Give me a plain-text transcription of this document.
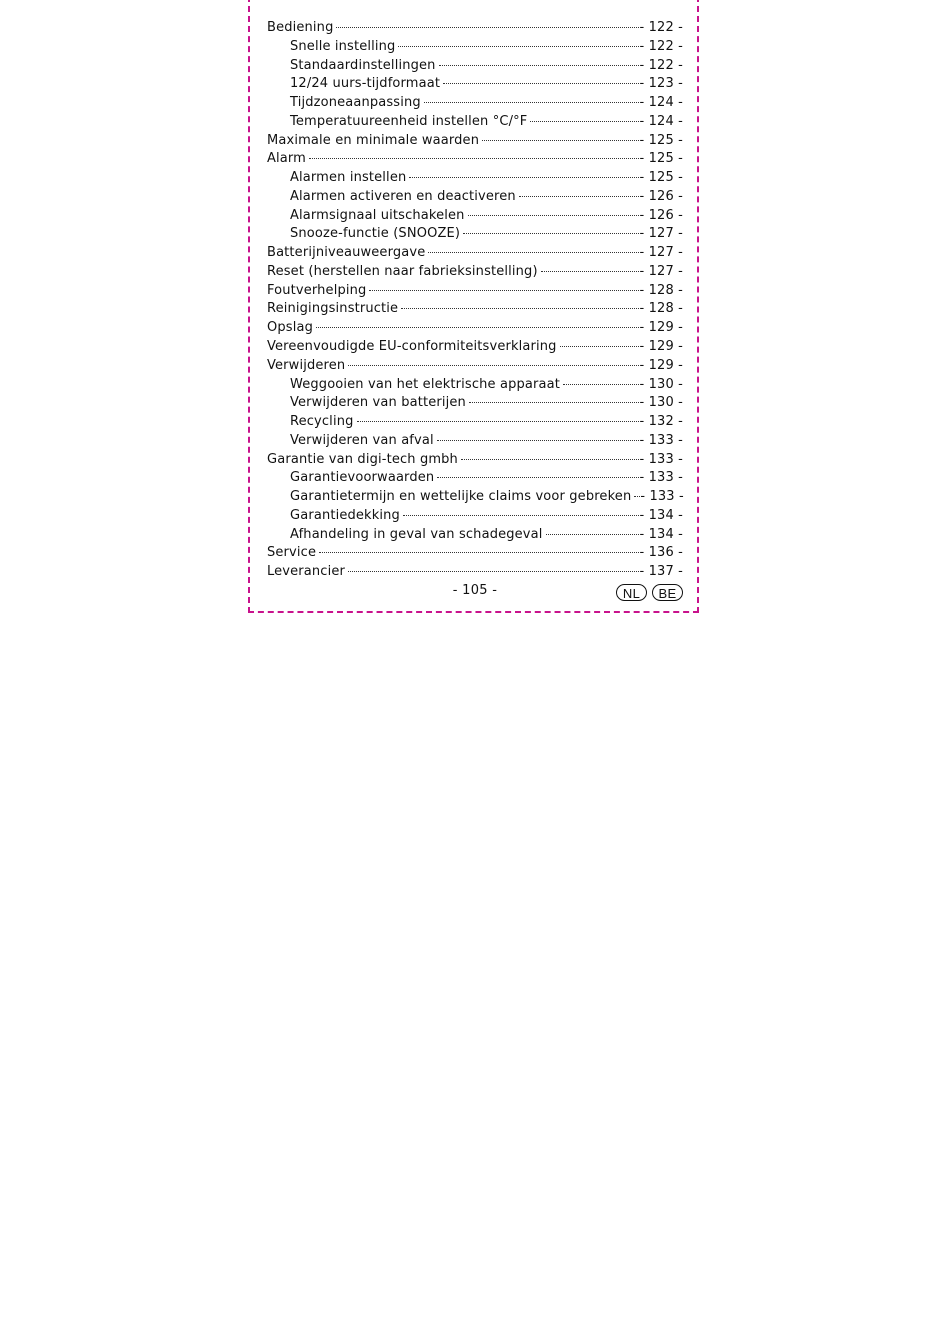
Bediening	- 122 -
Snelle instelling	- 122 -
Standaardinstellingen	- 122 -
12/24 uurs-tijdformaat	- 123 -
Tijdzoneaanpassing	- 124 -
Temperatuureenheid instellen °C/°F	- 124 -
Maximale en minimale waarden	- 125 -
Alarm	- 125 -
Alarmen instellen	- 125 -
Alarmen activeren en deactiveren	- 126 -
Alarmsignaal uitschakelen	- 126 -
Snooze-functie (SNOOZE)	- 127 -
Batterijniveauweergave	- 127 -
Reset (herstellen naar fabrieksinstelling)	- 127 -
Foutverhelping	- 128 -
Reinigingsinstructie	- 128 -
Opslag	- 129 -
Vereenvoudigde EU-conformiteitsverklaring	- 129 -
Verwijderen	- 129 -
Weggooien van het elektrische apparaat	- 130 -
Verwijderen van batterijen	- 130 -
Recycling	- 132 -
Verwijderen van afval	- 133 -
Garantie van digi-tech gmbh	- 133 -
Garantievoorwaarden	- 133 -
Garantietermijn en wettelijke claims voor gebreken - 133 -
Garantiedekking	- 134 -
Afhandeling in geval van schadegeval	- 134 -
Service	- 136 -
Leverancier	- 137 -
- 105 -	NL	BE
